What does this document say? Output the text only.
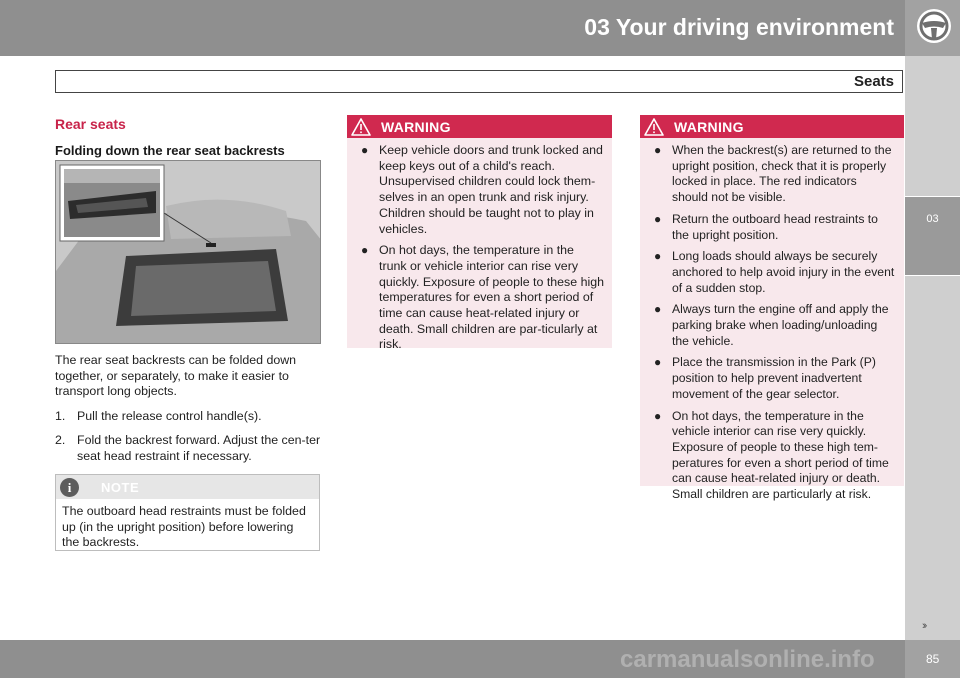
03 Your driving environment
03
Seats
Rear seats
Folding down the rear seat backrests

The rear seat backrests can be folded down together, or separately, to make it easier to transport long objects.

1. Pull the release control handle(s).
2. Fold the backrest forward. Adjust the cen-ter seat head restraint if necessary.
i	NOTE
The outboard head restraints must be folded up (in the upright position) before lowering the backrests.
WARNING
● Keep vehicle doors and trunk locked and keep keys out of a child's reach. Unsupervised children could lock them-selves in an open trunk and risk injury. Children should be taught not to play in vehicles.
● On hot days, the temperature in the trunk or vehicle interior can rise very quickly. Exposure of people to these high temperatures for even a short period of time can cause heat-related injury or death. Small children are par-ticularly at risk.
WARNING
● When the backrest(s) are returned to the upright position, check that it is properly locked in place. The red indicators should not be visible.
● Return the outboard head restraints to the upright position.
● Long loads should always be securely anchored to help avoid injury in the event of a sudden stop.
● Always turn the engine off and apply the parking brake when loading/unloading the vehicle.
● Place the transmission in the Park (P) position to help prevent inadvertent movement of the gear selector.
● On hot days, the temperature in the vehicle interior can rise very quickly. Exposure of people to these high tem-peratures for even a short period of time can cause heat-related injury or death. Small children are particularly at risk.
››
carmanualsonline.info	85
